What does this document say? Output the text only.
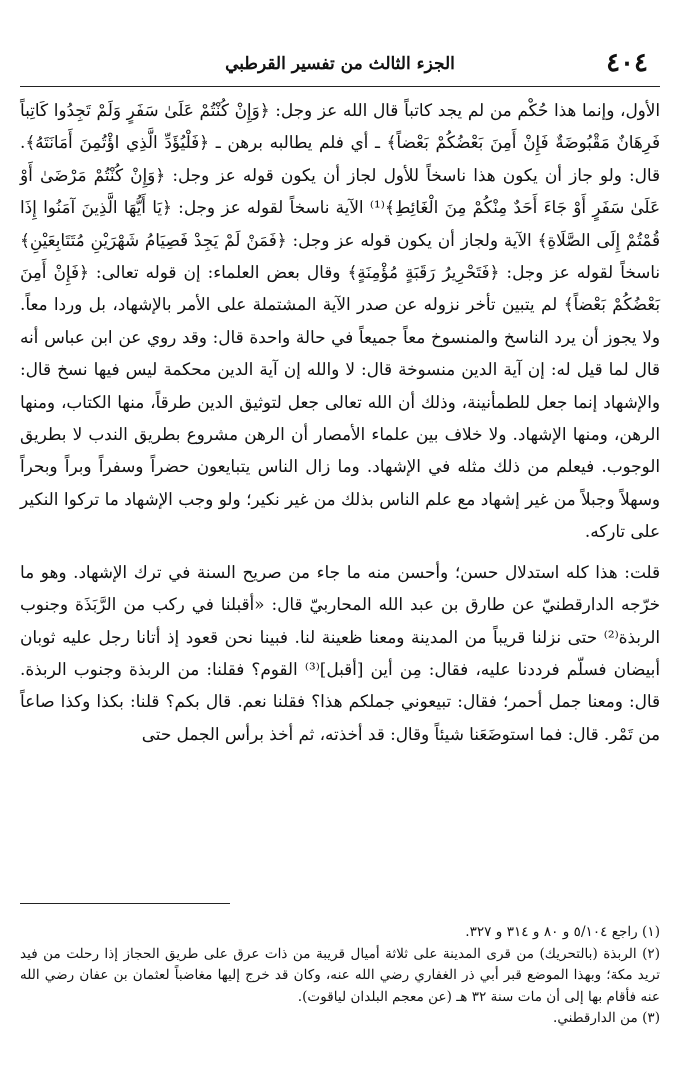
٤٠٤
الجزء الثالث من تفسير القرطبي

الأول، وإنما هذا حُكْم من لم يجد كاتباً قال الله عز وجل: ﴿وَإِنْ كُنْتُمْ عَلَىٰ سَفَرٍ وَلَمْ تَجِدُوا كَاتِباً فَرِهَانٌ مَقْبُوضَةٌ فَإِنْ أَمِنَ بَعْضُكُمْ بَعْضاً﴾ ـ أي فلم يطالبه برهن ـ ﴿فَلْيُؤَدِّ الَّذِي اؤْتُمِنَ أَمَانَتَهُ﴾. قال: ولو جاز أن يكون هذا ناسخاً للأول لجاز أن يكون قوله عز وجل: ﴿وَإِنْ كُنْتُمْ مَرْضَىٰ أَوْ عَلَىٰ سَفَرٍ أَوْ جَاءَ أَحَدٌ مِنْكُمْ مِنَ الْغَائِطِ﴾⁽¹⁾ الآية ناسخاً لقوله عز وجل: ﴿يَا أَيُّهَا الَّذِينَ آمَنُوا إِذَا قُمْتُمْ إِلَى الصَّلَاةِ﴾ الآية ولجاز أن يكون قوله عز وجل: ﴿فَمَنْ لَمْ يَجِدْ فَصِيَامُ شَهْرَيْنِ مُتَتَابِعَيْنِ﴾ ناسخاً لقوله عز وجل: ﴿فَتَحْرِيرُ رَقَبَةٍ مُؤْمِنَةٍ﴾ وقال بعض العلماء: إن قوله تعالى: ﴿فَإِنْ أَمِنَ بَعْضُكُمْ بَعْضاً﴾ لم يتبين تأخر نزوله عن صدر الآية المشتملة على الأمر بالإشهاد، بل وردا معاً. ولا يجوز أن يرد الناسخ والمنسوخ معاً جميعاً في حالة واحدة قال: وقد روي عن ابن عباس أنه قال لما قيل له: إن آية الدين منسوخة قال: لا والله إن آية الدين محكمة ليس فيها نسخ قال: والإشهاد إنما جعل للطمأنينة، وذلك أن الله تعالى جعل لتوثيق الدين طرقاً، منها الكتاب، ومنها الرهن، ومنها الإشهاد. ولا خلاف بين علماء الأمصار أن الرهن مشروع بطريق الندب لا بطريق الوجوب. فيعلم من ذلك مثله في الإشهاد. وما زال الناس يتبايعون حضراً وسفراً وبراً وبحراً وسهلاً وجبلاً من غير إشهاد مع علم الناس بذلك من غير نكير؛ ولو وجب الإشهاد ما تركوا النكير على تاركه.

قلت: هذا كله استدلال حسن؛ وأحسن منه ما جاء من صريح السنة في ترك الإشهاد. وهو ما خرّجه الدارقطنيّ عن طارق بن عبد الله المحاربيّ قال: «أقبلنا في ركب من الرَّبَذَة وجنوب الربذة⁽²⁾ حتى نزلنا قريباً من المدينة ومعنا ظعينة لنا. فبينا نحن قعود إذ أتانا رجل عليه ثوبان أبيضان فسلّم فرددنا عليه، فقال: مِن أين [أقبل]⁽³⁾ القوم؟ فقلنا: من الربذة وجنوب الربذة. قال: ومعنا جمل أحمر؛ فقال: تبيعوني جملكم هذا؟ فقلنا نعم. قال بكم؟ قلنا: بكذا وكذا صاعاً من تَمْر. قال: فما استوضَعَنا شيئاً وقال: قد أخذته، ثم أخذ برأس الجمل حتى

(١) راجع ٥/١٠٤ و ٨٠ و ٣١٤ و ٣٢٧.

(٢) الربذة (بالتحريك) من قرى المدينة على ثلاثة أميال قريبة من ذات عرق على طريق الحجاز إذا رحلت من فيد تريد مكة؛ وبهذا الموضع قبر أبي ذر الغفاري رضي الله عنه، وكان قد خرج إليها مغاضباً لعثمان بن عفان رضي الله عنه فأقام بها إلى أن مات سنة ٣٢ هـ (عن معجم البلدان لياقوت).

(٣) من الدارقطني.
